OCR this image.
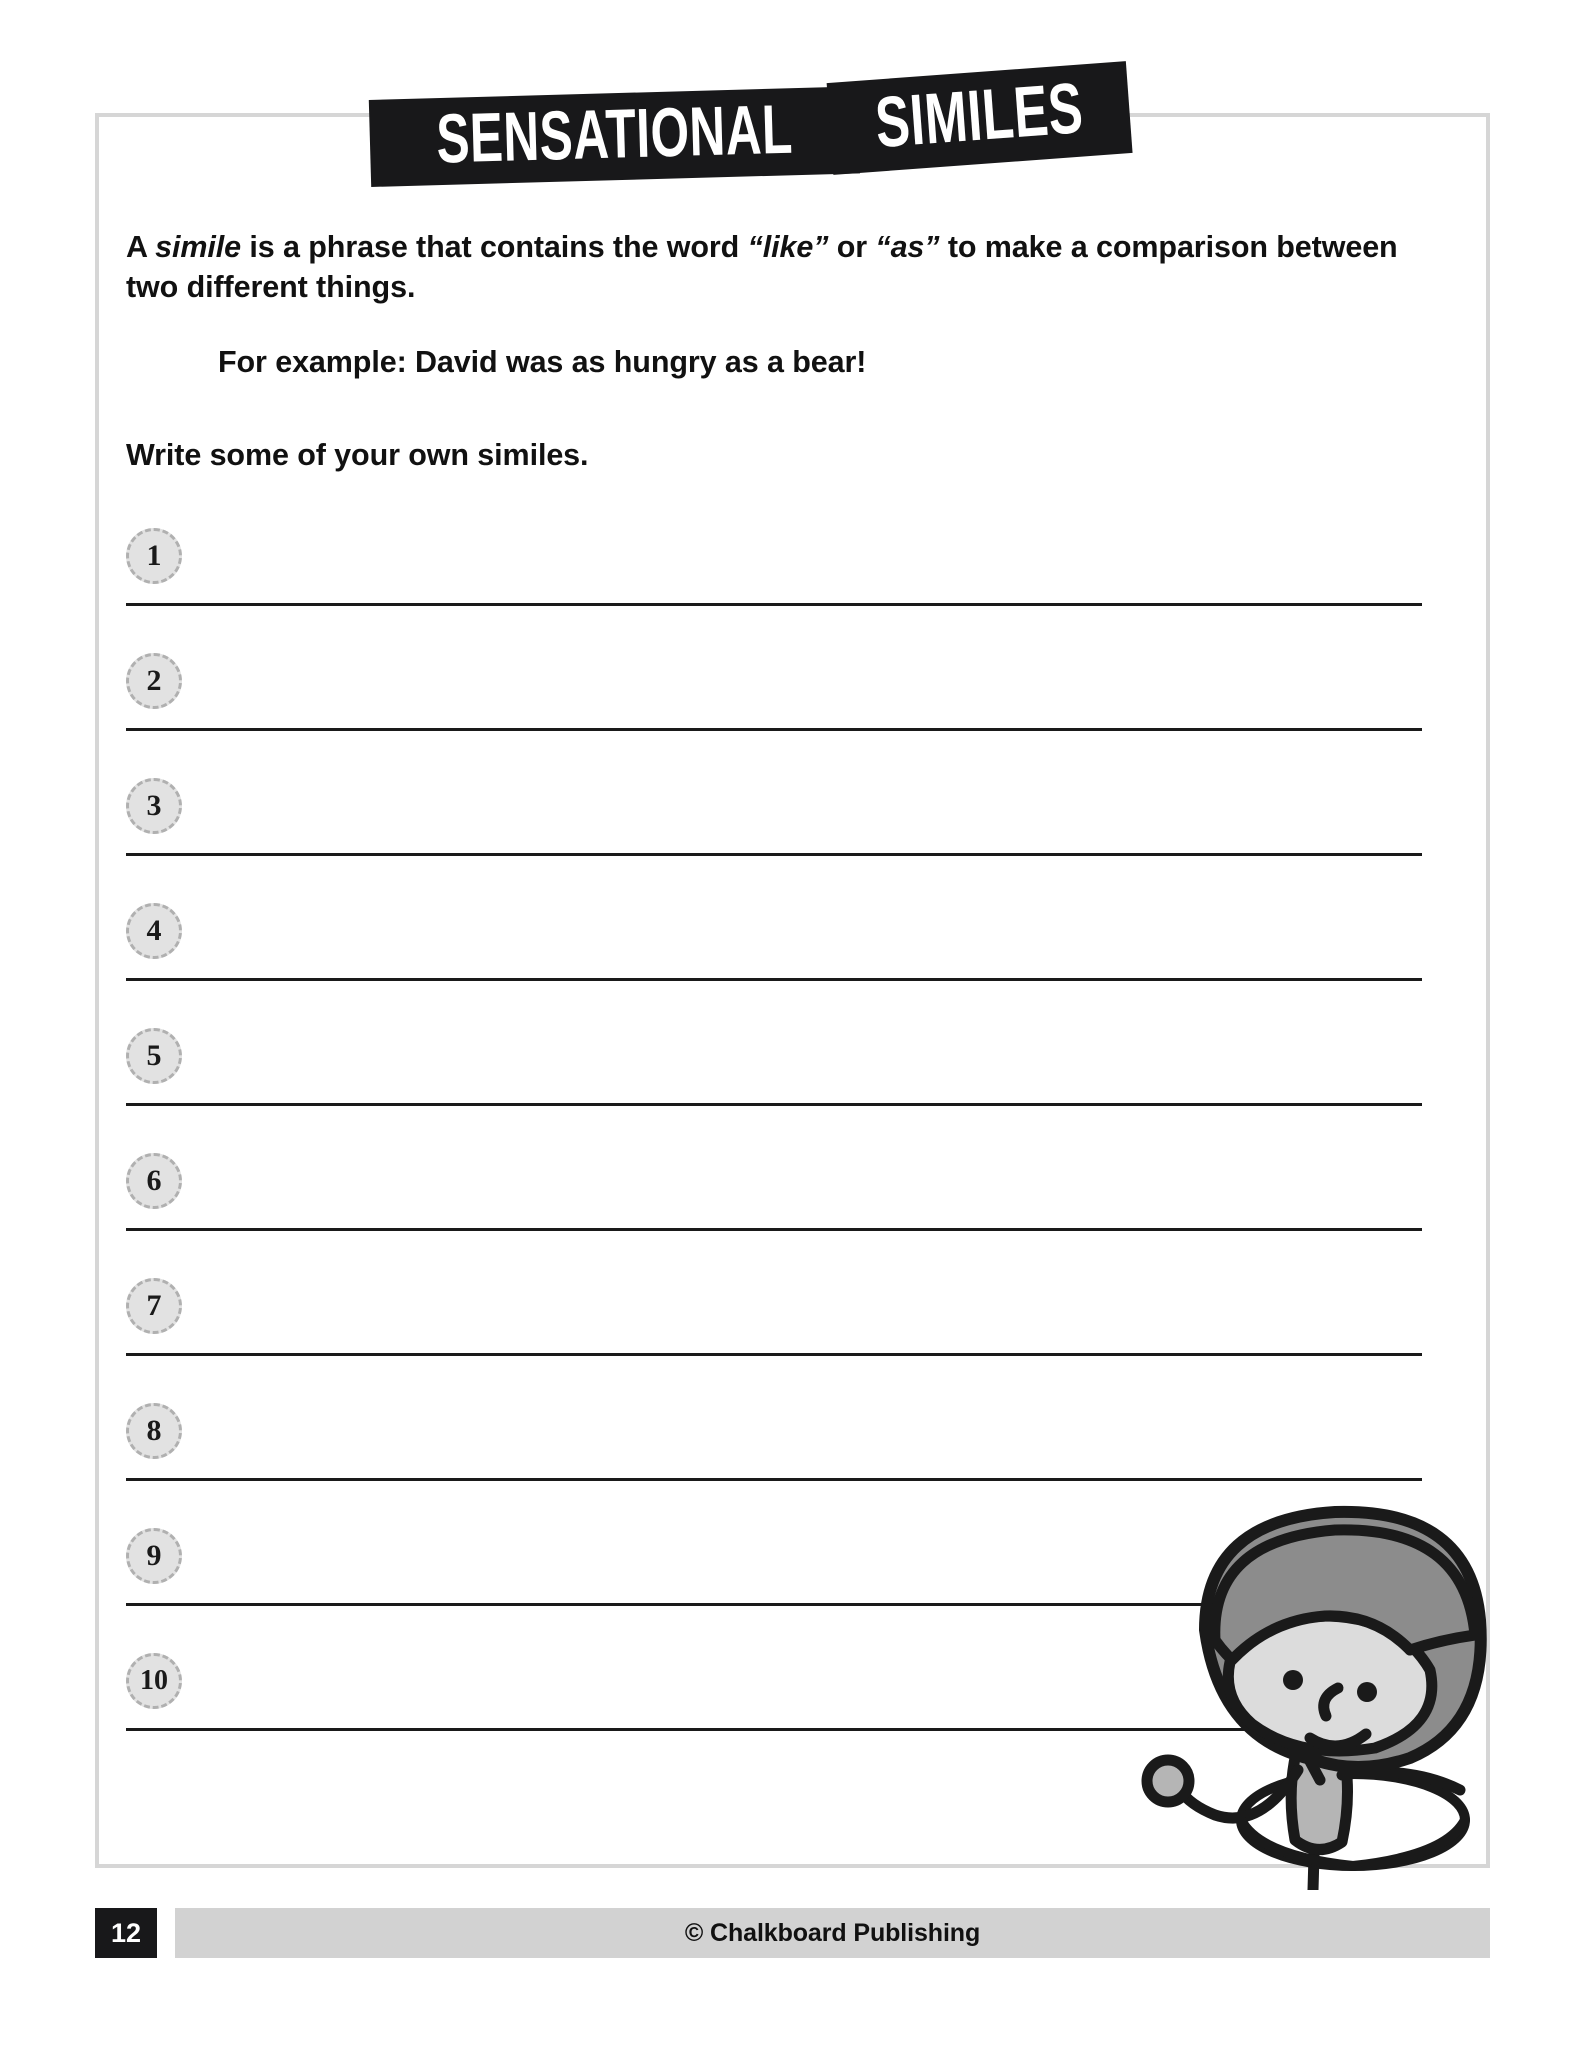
SENSATIONAL SIMILES
A simile is a phrase that contains the word “like” or “as” to make a comparison between two different things.
For example: David was as hungry as a bear!
Write some of your own similes.
1
2
3
4
5
6
7
8
9
10
12	© Chalkboard Publishing
